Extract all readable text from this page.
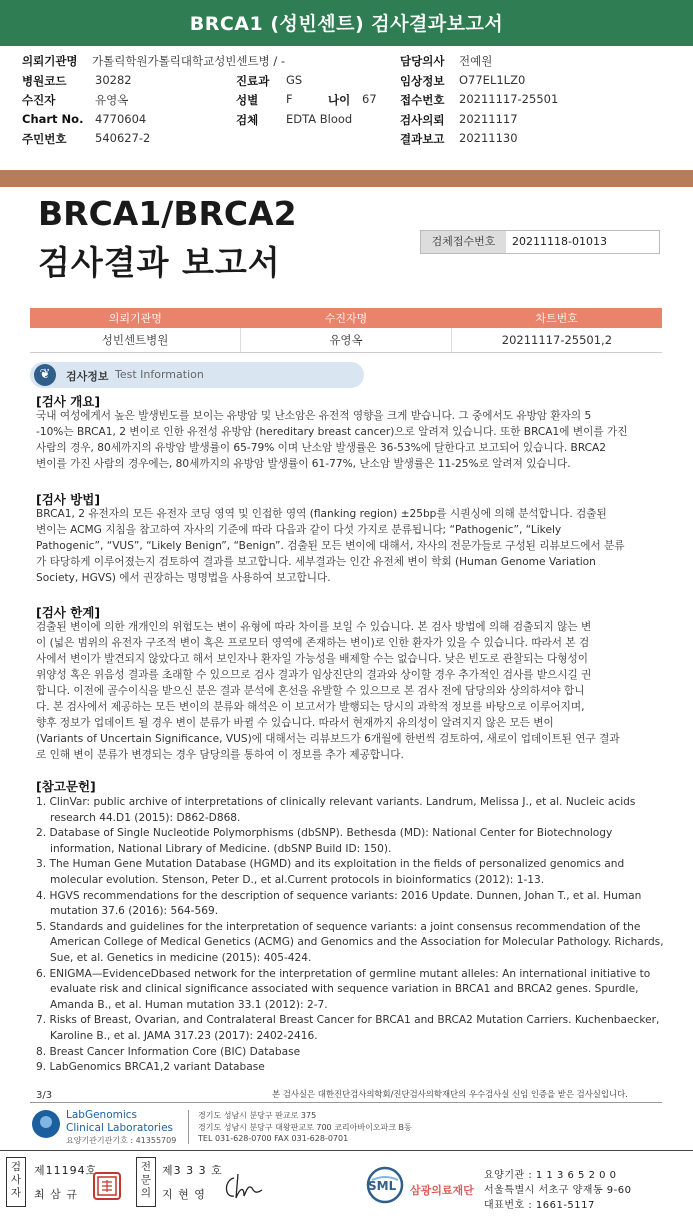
BRCA1 (성빈센트) 검사결과보고서
의뢰기관명 가톨릭학원가톨릭대학교성빈센트병 / -	담당의사 전예원
병원코드 30282	진료과 GS	임상정보 O77EL1LZ0
수진자	유영옥	성별 F	나이 67 접수번호 20211117-25501
Chart No. 4770604	검체 EDTA Blood	검사의뢰 20211117
주민번호 540627-2	결과보고 20211130
BRCA1/BRCA2
검사결과 보고서
검체접수번호	20211118-01013
의뢰기관명	수진자명	차트번호
성빈센트병원	유영옥	20211117-25501,2
❦	검사정보 Test Information
[검사 개요]
국내 여성에게서 높은 발생빈도를 보이는 유방암 및 난소암은 유전적 영향을 크게 받습니다. 그 중에서도 유방암 환자의 5
-10%는 BRCA1, 2 변이로 인한 유전성 유방암 (hereditary breast cancer)으로 알려져 있습니다. 또한 BRCA1에 변이를 가진
사람의 경우, 80세까지의 유방암 발생률이 65-79% 이며 난소암 발생률은 36-53%에 달한다고 보고되어 있습니다. BRCA2
변이를 가진 사람의 경우에는, 80세까지의 유방암 발생률이 61-77%, 난소암 발생률은 11-25%로 알려져 있습니다.
[검사 방법]
BRCA1, 2 유전자의 모든 유전자 코딩 영역 및 인접한 영역 (flanking region) ±25bp를 시퀀싱에 의해 분석합니다. 검출된
변이는 ACMG 지침을 참고하여 자사의 기준에 따라 다음과 같이 다섯 가지로 분류됩니다; “Pathogenic”, “Likely
Pathogenic”, “VUS”, “Likely Benign”, “Benign”. 검출된 모든 변이에 대해서, 자사의 전문가들로 구성된 리뷰보드에서 분류
가 타당하게 이루어졌는지 검토하여 결과를 보고합니다. 세부결과는 인간 유전체 변이 학회 (Human Genome Variation
Society, HGVS) 에서 권장하는 명명법을 사용하여 보고합니다.
[검사 한계]
검출된 변이에 의한 개개인의 위험도는 변이 유형에 따라 차이를 보일 수 있습니다. 본 검사 방법에 의해 검출되지 않는 변
이 (넓은 범위의 유전자 구조적 변이 혹은 프로모터 영역에 존재하는 변이)로 인한 환자가 있을 수 있습니다. 따라서 본 검
사에서 변이가 발견되지 않았다고 해서 보인자나 환자일 가능성을 배제할 수는 없습니다. 낮은 빈도로 관찰되는 다형성이
위양성 혹은 위음성 결과를 초래할 수 있으므로 검사 결과가 임상진단의 결과와 상이할 경우 추가적인 검사를 받으시길 권
합니다. 이전에 골수이식을 받으신 분은 결과 분석에 혼선을 유발할 수 있으므로 본 검사 전에 담당의와 상의하셔야 합니
다. 본 검사에서 제공하는 모든 변이의 분류와 해석은 이 보고서가 발행되는 당시의 과학적 정보를 바탕으로 이루어지며,
향후 정보가 업데이트 될 경우 변이 분류가 바뀔 수 있습니다. 따라서 현재까지 유의성이 알려지지 않은 모든 변이
(Variants of Uncertain Significance, VUS)에 대해서는 리뷰보드가 6개월에 한번씩 검토하여, 새로이 업데이트된 연구 결과
로 인해 변이 분류가 변경되는 경우 담당의를 통하여 이 정보를 추가 제공합니다.
[참고문헌]
1. ClinVar: public archive of interpretations of clinically relevant variants. Landrum, Melissa J., et al. Nucleic acids research 44.D1 (2015): D862-D868.
2. Database of Single Nucleotide Polymorphisms (dbSNP). Bethesda (MD): National Center for Biotechnology information, National Library of Medicine. (dbSNP Build ID: 150).
3. The Human Gene Mutation Database (HGMD) and its exploitation in the fields of personalized genomics and molecular evolution. Stenson, Peter D., et al.Current protocols in bioinformatics (2012): 1-13.
4. HGVS recommendations for the description of sequence variants: 2016 Update. Dunnen, Johan T., et al. Human mutation 37.6 (2016): 564-569.
5. Standards and guidelines for the interpretation of sequence variants: a joint consensus recommendation of the American College of Medical Genetics (ACMG) and Genomics and the Association for Molecular Pathology. Richards, Sue, et al. Genetics in medicine (2015): 405-424.
6. ENIGMA—EvidenceDbased network for the interpretation of germline mutant alleles: An international initiative to evaluate risk and clinical significance associated with sequence variation in BRCA1 and BRCA2 genes. Spurdle, Amanda B., et al. Human mutation 33.1 (2012): 2-7.
7. Risks of Breast, Ovarian, and Contralateral Breast Cancer for BRCA1 and BRCA2 Mutation Carriers. Kuchenbaecker, Karoline B., et al. JAMA 317.23 (2017): 2402-2416.
8. Breast Cancer Information Core (BIC) Database
9. LabGenomics BRCA1,2 variant Database
3/3	본 검사실은 대한진단검사의학회/진단검사의학재단의 우수검사실 신임 인증을 받은 검사실입니다.
LabGenomics
Clinical Laboratories
요양기관기관기호 : 41355709
경기도 성남시 분당구 판교로 375
경기도 성남시 분당구 대왕판교로 700 코리아바이오파크 B동
TEL 031-628-0700 FAX 031-628-0701
검사자
제11194호
최 삼 규
전문의
제3 3 3 호
지 현 영
SML 삼광의료재단
요양기관 : 1 1 3 6 5 2 0 0
서울특별시 서초구 양재동 9-60
대표번호 : 1661-5117
